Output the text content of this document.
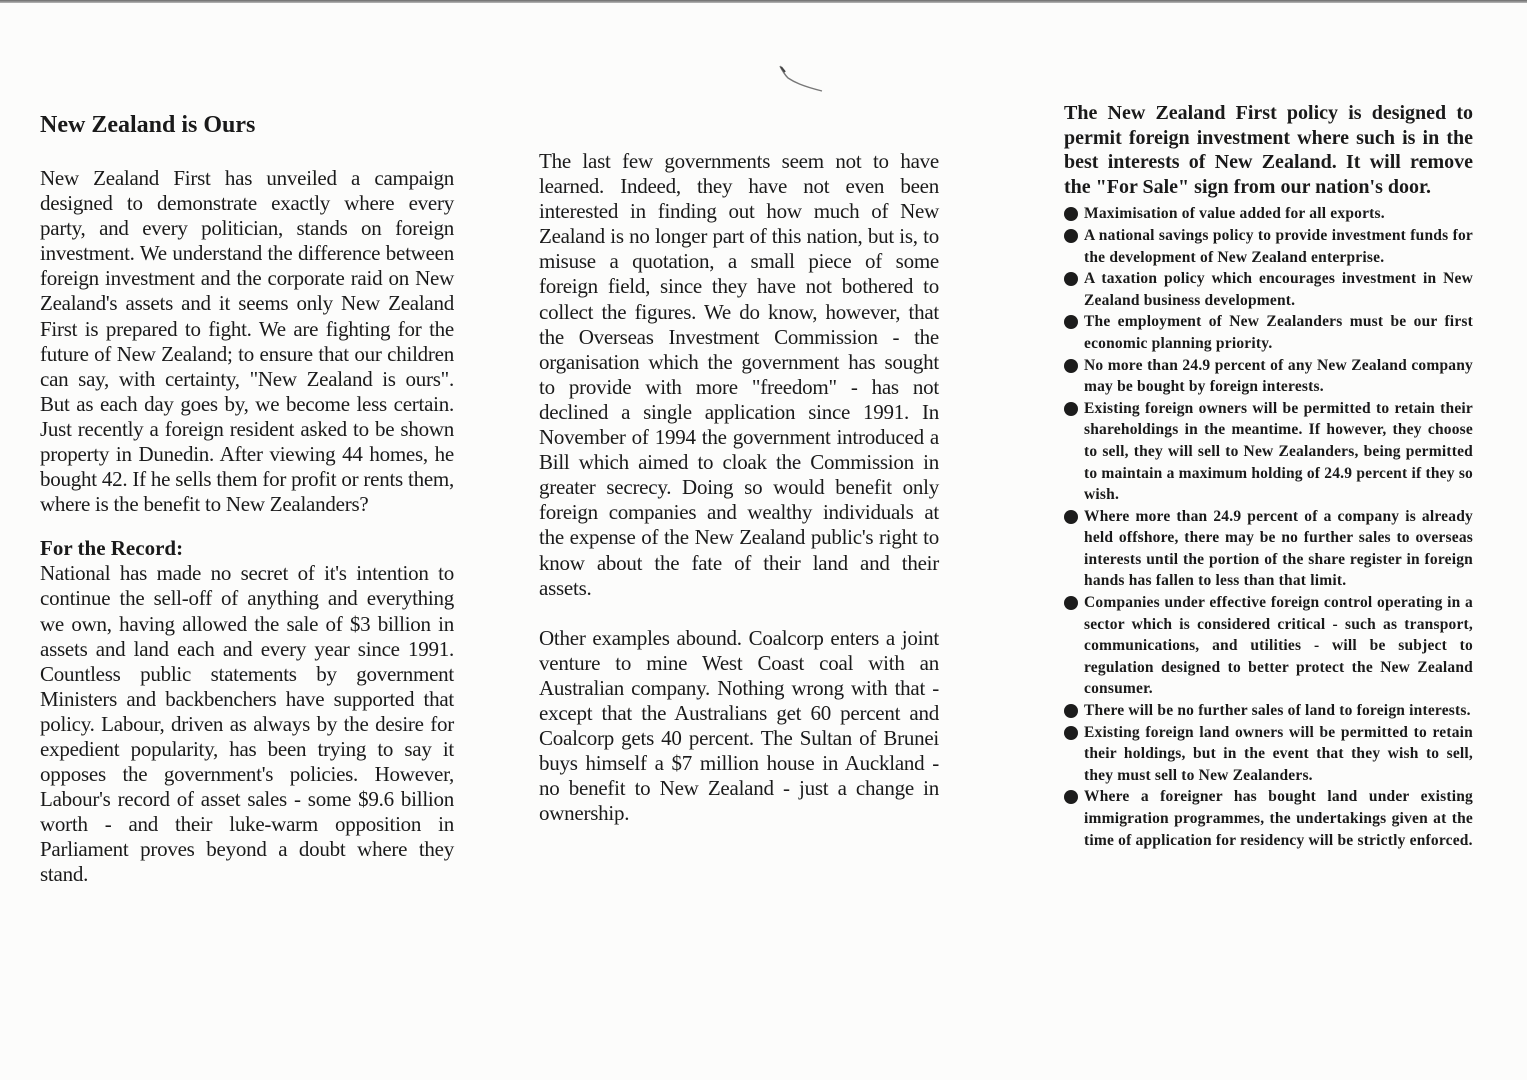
New Zealand is Ours

New Zealand First has unveiled a campaign designed to demonstrate exactly where every party, and every politician, stands on foreign investment. We understand the difference between foreign investment and the corporate raid on New Zealand's assets and it seems only New Zealand First is prepared to fight. We are fighting for the future of New Zealand; to ensure that our children can say, with certainty, "New Zealand is ours". But as each day goes by, we become less certain. Just recently a foreign resident asked to be shown property in Dunedin. After viewing 44 homes, he bought 42. If he sells them for profit or rents them, where is the benefit to New Zealanders?

For the Record:

National has made no secret of it's intention to continue the sell-off of anything and everything we own, having allowed the sale of $3 billion in assets and land each and every year since 1991. Countless public statements by government Ministers and backbenchers have supported that policy. Labour, driven as always by the desire for expedient popularity, has been trying to say it opposes the government's policies. However, Labour's record of asset sales - some $9.6 billion worth - and their luke-warm opposition in Parliament proves beyond a doubt where they stand.

The last few governments seem not to have learned. Indeed, they have not even been interested in finding out how much of New Zealand is no longer part of this nation, but is, to misuse a quotation, a small piece of some foreign field, since they have not bothered to collect the figures. We do know, however, that the Overseas Investment Commission - the organisation which the government has sought to provide with more "freedom" - has not declined a single application since 1991. In November of 1994 the government introduced a Bill which aimed to cloak the Commission in greater secrecy. Doing so would benefit only foreign companies and wealthy individuals at the expense of the New Zealand public's right to know about the fate of their land and their assets.

Other examples abound. Coalcorp enters a joint venture to mine West Coast coal with an Australian company. Nothing wrong with that - except that the Australians get 60 percent and Coalcorp gets 40 percent. The Sultan of Brunei buys himself a $7 million house in Auckland - no benefit to New Zealand - just a change in ownership.

The New Zealand First policy is designed to permit foreign investment where such is in the best interests of New Zealand. It will remove the "For Sale" sign from our nation's door.

Maximisation of value added for all exports.
A national savings policy to provide investment funds for the development of New Zealand enterprise.
A taxation policy which encourages investment in New Zealand business development.
The employment of New Zealanders must be our first economic planning priority.
No more than 24.9 percent of any New Zealand company may be bought by foreign interests.
Existing foreign owners will be permitted to retain their shareholdings in the meantime. If however, they choose to sell, they will sell to New Zealanders, being permitted to maintain a maximum holding of 24.9 percent if they so wish.
Where more than 24.9 percent of a company is already held offshore, there may be no further sales to overseas interests until the portion of the share register in foreign hands has fallen to less than that limit.
Companies under effective foreign control operating in a sector which is considered critical - such as transport, communications, and utilities - will be subject to regulation designed to better protect the New Zealand consumer.
There will be no further sales of land to foreign interests.
Existing foreign land owners will be permitted to retain their holdings, but in the event that they wish to sell, they must sell to New Zealanders.
Where a foreigner has bought land under existing immigration programmes, the undertakings given at the time of application for residency will be strictly enforced.
